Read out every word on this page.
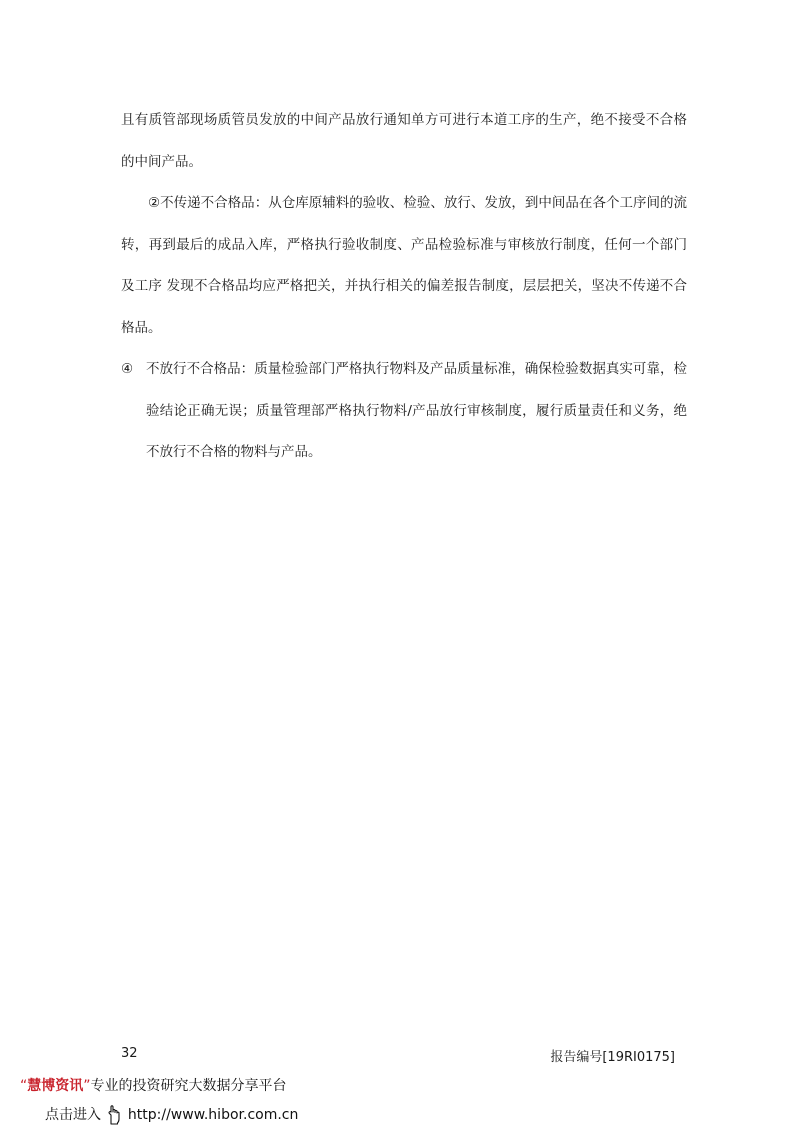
且有质管部现场质管员发放的中间产品放行通知单方可进行本道工序的生产，绝不接受不合格的中间产品。

②不传递不合格品：从仓库原辅料的验收、检验、放行、发放，到中间品在各个工序间的流转，再到最后的成品入库，严格执行验收制度、产品检验标准与审核放行制度，任何一个部门及工序 发现不合格品均应严格把关，并执行相关的偏差报告制度，层层把关，坚决不传递不合格品。

④ 不放行不合格品：质量检验部门严格执行物料及产品质量标准，确保检验数据真实可靠，检验结论正确无误；质量管理部严格执行物料/产品放行审核制度，履行质量责任和义务，绝不放行不合格的物料与产品。

32	报告编号[19RI0175]
“慧博资讯”专业的投资研究大数据分享平台
点击进入 http://www.hibor.com.cn
